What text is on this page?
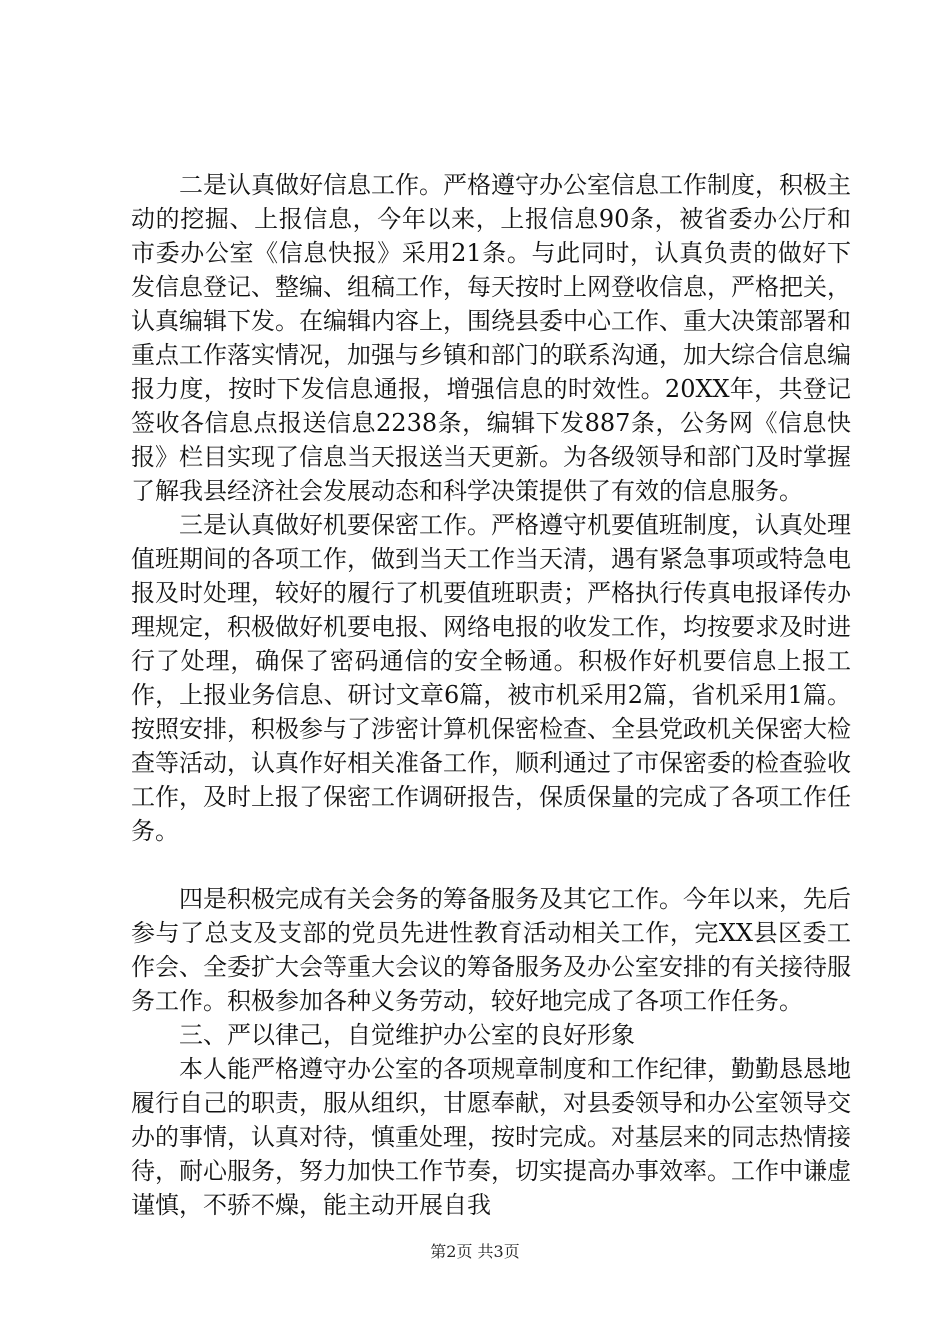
二是认真做好信息工作。严格遵守办公室信息工作制度，积极主动的挖掘、上报信息，今年以来，上报信息90条，被省委办公厅和市委办公室《信息快报》采用21条。与此同时，认真负责的做好下发信息登记、整编、组稿工作，每天按时上网登收信息，严格把关，认真编辑下发。在编辑内容上，围绕县委中心工作、重大决策部署和重点工作落实情况，加强与乡镇和部门的联系沟通，加大综合信息编报力度，按时下发信息通报，增强信息的时效性。20XX年，共登记签收各信息点报送信息2238条，编辑下发887条，公务网《信息快报》栏目实现了信息当天报送当天更新。为各级领导和部门及时掌握了解我县经济社会发展动态和科学决策提供了有效的信息服务。

三是认真做好机要保密工作。严格遵守机要值班制度，认真处理值班期间的各项工作，做到当天工作当天清，遇有紧急事项或特急电报及时处理，较好的履行了机要值班职责；严格执行传真电报译传办理规定，积极做好机要电报、网络电报的收发工作，均按要求及时进行了处理，确保了密码通信的安全畅通。积极作好机要信息上报工作，上报业务信息、研讨文章6篇，被市机采用2篇，省机采用1篇。按照安排，积极参与了涉密计算机保密检查、全县党政机关保密大检查等活动，认真作好相关准备工作，顺利通过了市保密委的检查验收工作，及时上报了保密工作调研报告，保质保量的完成了各项工作任务。

四是积极完成有关会务的筹备服务及其它工作。今年以来，先后参与了总支及支部的党员先进性教育活动相关工作，完XX县区委工作会、全委扩大会等重大会议的筹备服务及办公室安排的有关接待服务工作。积极参加各种义务劳动，较好地完成了各项工作任务。

三、严以律己，自觉维护办公室的良好形象

本人能严格遵守办公室的各项规章制度和工作纪律，勤勤恳恳地履行自己的职责，服从组织，甘愿奉献，对县委领导和办公室领导交办的事情，认真对待，慎重处理，按时完成。对基层来的同志热情接待，耐心服务，努力加快工作节奏，切实提高办事效率。工作中谦虚谨慎，不骄不燥，能主动开展自我

第2页 共3页
